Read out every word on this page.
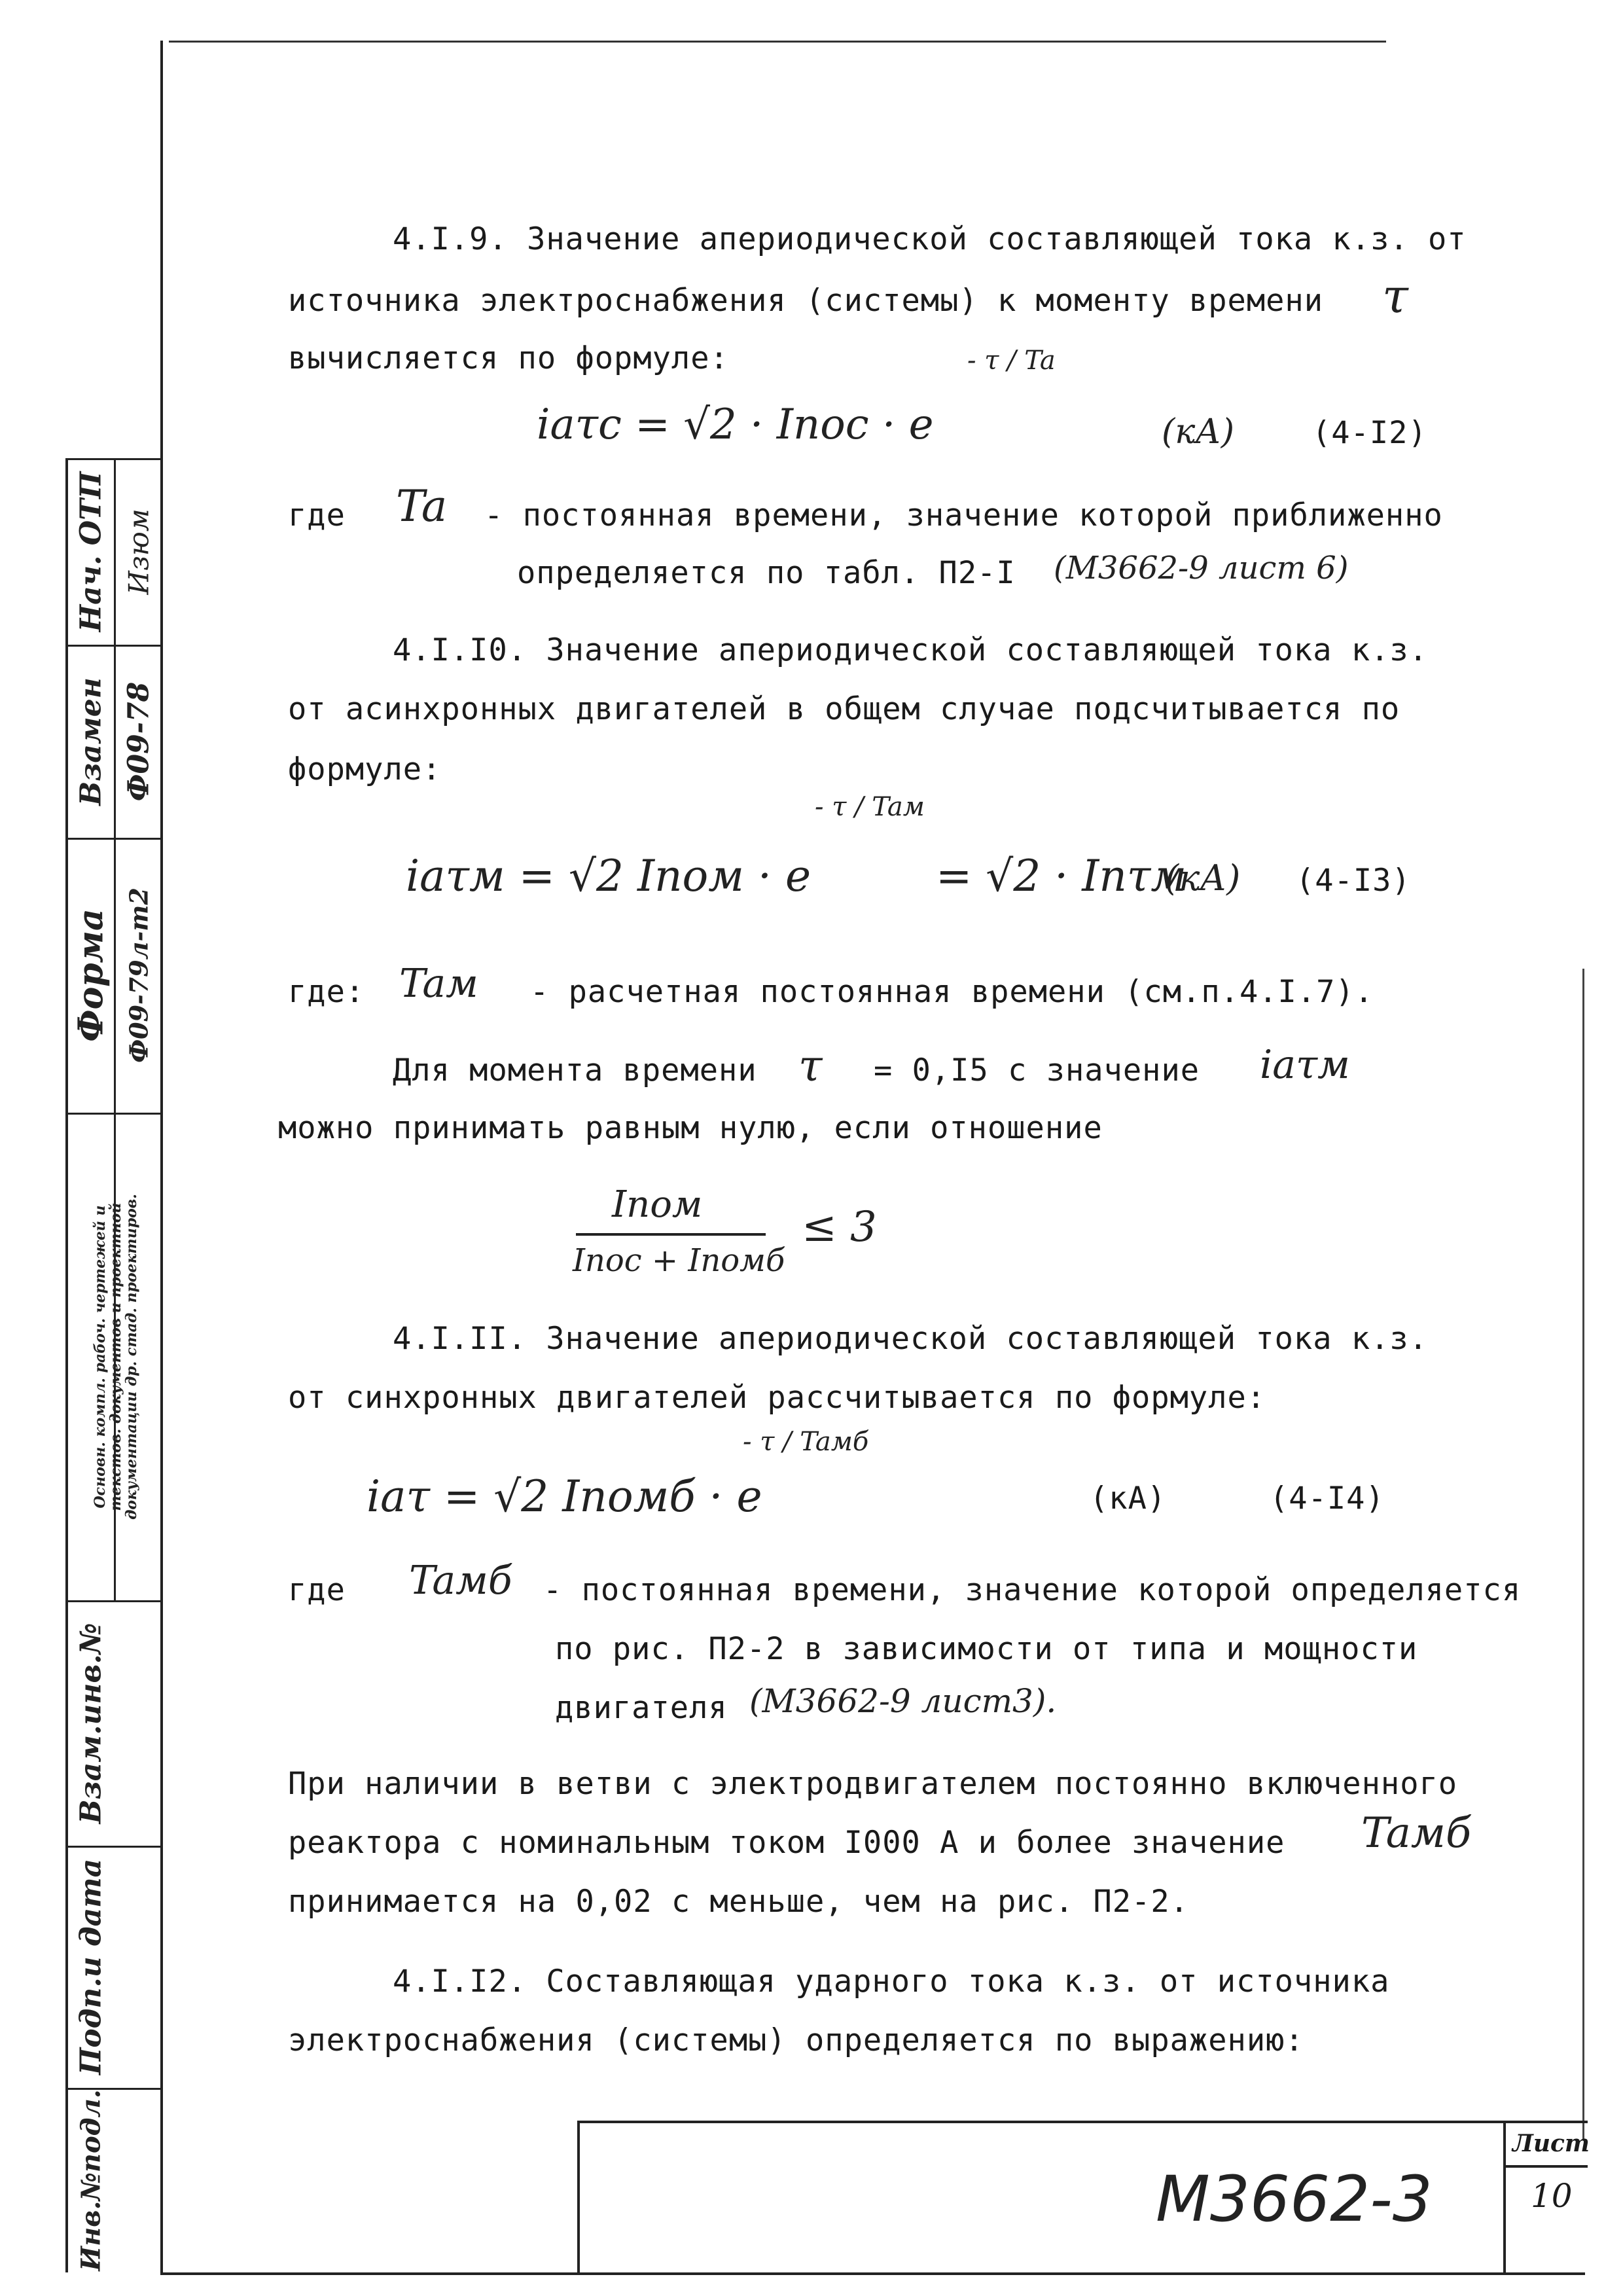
Нач. ОТП Изюм
Взамен Ф09-78
Форма Ф09-79л-т2
Основн. компл. рабоч. чертежей и
текстов. документов и проектной
документации др. стад. проектиров.
Взам.инв.№
Подп.и дата
Инв.№подл.
4.I.9. Значение апериодической составляющей тока к.з. от
источника электроснабжения (системы) к моменту времени τ
вычисляется по формуле:
iaτc = √2 · Iпос · e
- τ / Ta
(кА)	(4-I2)
где Ta - постоянная времени, значение которой приближенно
определяется по табл. П2-I (М3662-9 лист 6)
4.I.I0. Значение апериодической составляющей тока к.з.
от асинхронных двигателей в общем случае подсчитывается по
формуле:
iaτм = √2 Iпом · e
- τ / Taм
= √2 · Iпτм
(кА) (4-I3)
где: Taм - расчетная постоянная времени (см.п.4.I.7).
Для момента времени τ = 0,I5 с значение iaτм
можно принимать равным нулю, если отношение
Iпом
Iпос + Iпомб
≤ 3
4.I.II. Значение апериодической составляющей тока к.з.
от синхронных двигателей рассчитывается по формуле:
iaτ = √2 Iпомб · e
- τ / Taмб
(кА)	(4-I4)
где Taмб - постоянная времени, значение которой определяется
по рис. П2-2 в зависимости от типа и мощности
двигателя (М3662-9 лист3).
При наличии в ветви с электродвигателем постоянно включенного
реактора с номинальным током I000 А и более значение Taмб
принимается на 0,02 с меньше, чем на рис. П2-2.
4.I.I2. Составляющая ударного тока к.з. от источника
электроснабжения (системы) определяется по выражению:
М3662-3
Лист
10
